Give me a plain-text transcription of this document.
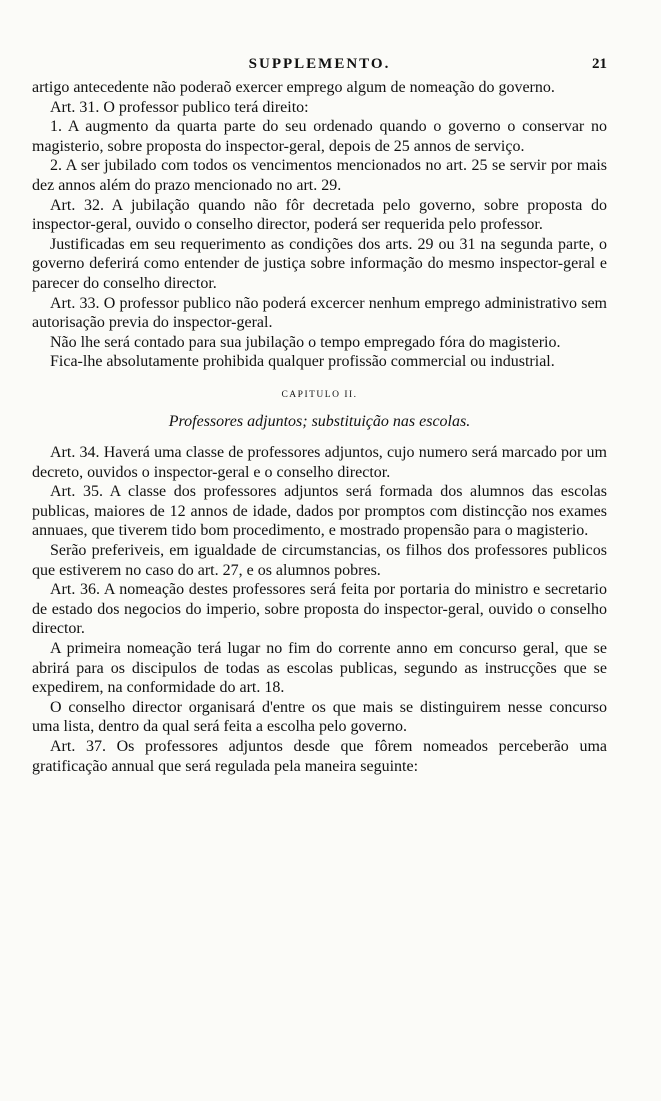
SUPPLEMENTO.	21

artigo antecedente não poderaõ exercer emprego algum de nomeação do governo.

Art. 31. O professor publico terá direito:

1. A augmento da quarta parte do seu ordenado quando o governo o conservar no magisterio, sobre proposta do inspector-geral, depois de 25 annos de serviço.

2. A ser jubilado com todos os vencimentos mencionados no art. 25 se servir por mais dez annos além do prazo mencionado no art. 29.

Art. 32. A jubilação quando não fôr decretada pelo governo, sobre proposta do inspector-geral, ouvido o conselho director, poderá ser requerida pelo professor.

Justificadas em seu requerimento as condições dos arts. 29 ou 31 na segunda parte, o governo deferirá como entender de justiça sobre informação do mesmo inspector-geral e parecer do conselho director.

Art. 33. O professor publico não poderá excercer nenhum emprego administrativo sem autorisação previa do inspector-geral.

Não lhe será contado para sua jubilação o tempo empregado fóra do magisterio.

Fica-lhe absolutamente prohibida qualquer profissão commercial ou industrial.

CAPITULO II.
Professores adjuntos; substituição nas escolas.

Art. 34. Haverá uma classe de professores adjuntos, cujo numero será marcado por um decreto, ouvidos o inspector-geral e o conselho director.

Art. 35. A classe dos professores adjuntos será formada dos alumnos das escolas publicas, maiores de 12 annos de idade, dados por promptos com distincção nos exames annuaes, que tiverem tido bom procedimento, e mostrado propensão para o magisterio.

Serão preferiveis, em igualdade de circumstancias, os filhos dos professores publicos que estiverem no caso do art. 27, e os alumnos pobres.

Art. 36. A nomeação destes professores será feita por portaria do ministro e secretario de estado dos negocios do imperio, sobre proposta do inspector-geral, ouvido o conselho director.

A primeira nomeação terá lugar no fim do corrente anno em concurso geral, que se abrirá para os discipulos de todas as escolas publicas, segundo as instrucções que se expedirem, na conformidade do art. 18.

O conselho director organisará d'entre os que mais se distinguirem nesse concurso uma lista, dentro da qual será feita a escolha pelo governo.

Art. 37. Os professores adjuntos desde que fôrem nomeados perceberão uma gratificação annual que será regulada pela maneira seguinte:
